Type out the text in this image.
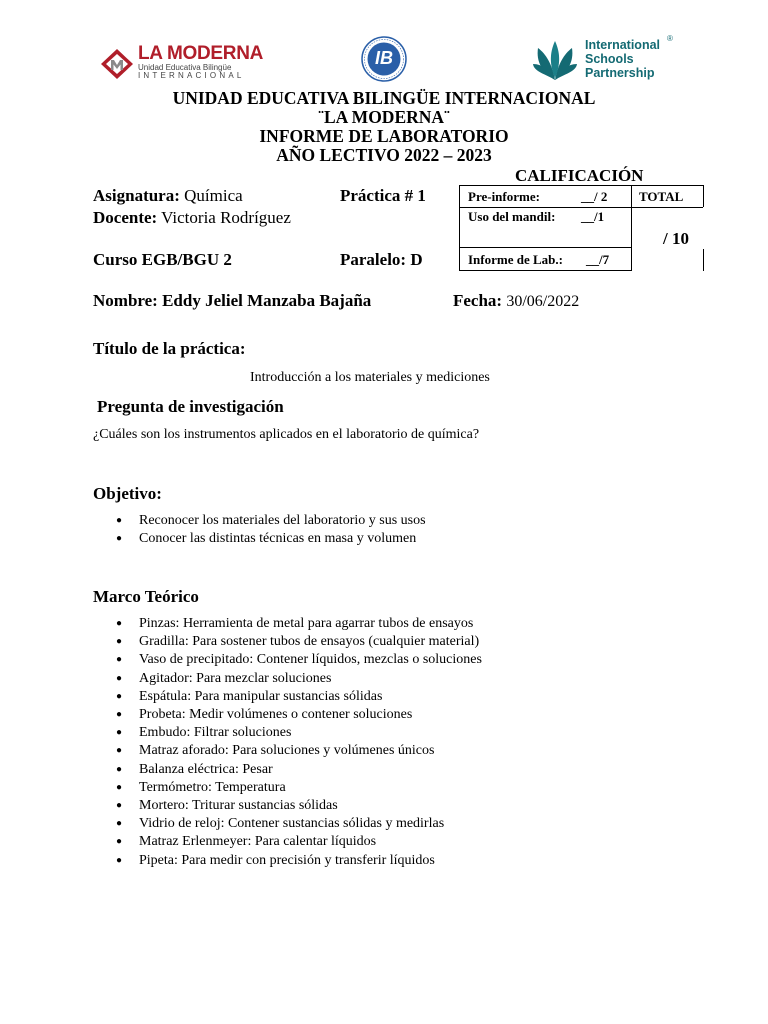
LA MODERNA
Unidad Educativa Bilingüe
INTERNACIONAL
IB
International
Schools
Partnership
®
UNIDAD EDUCATIVA BILINGÜE INTERNACIONAL
¨LA MODERNA¨
INFORME DE LABORATORIO
AÑO LECTIVO 2022 – 2023
CALIFICACIÓN
Asignatura: Química	Práctica # 1
Docente: Victoria Rodríguez
Curso EGB/BGU 2	Paralelo: D
Nombre: Eddy Jeliel Manzaba Bajaña	Fecha: 30/06/2022
Pre-informe:	__/ 2 TOTAL
Uso del mandil: __/1
/ 10
Informe de Lab.: __/7
Título de la práctica:
Introducción a los materiales y mediciones
Pregunta de investigación
¿Cuáles son los instrumentos aplicados en el laboratorio de química?
Objetivo:
● Reconocer los materiales del laboratorio y sus usos
● Conocer las distintas técnicas en masa y volumen
Marco Teórico
● Pinzas: Herramienta de metal para agarrar tubos de ensayos
● Gradilla: Para sostener tubos de ensayos (cualquier material)
● Vaso de precipitado: Contener líquidos, mezclas o soluciones
● Agitador: Para mezclar soluciones
● Espátula: Para manipular sustancias sólidas
● Probeta: Medir volúmenes o contener soluciones
● Embudo: Filtrar soluciones
● Matraz aforado: Para soluciones y volúmenes únicos
● Balanza eléctrica: Pesar
● Termómetro: Temperatura
● Mortero: Triturar sustancias sólidas
● Vidrio de reloj: Contener sustancias sólidas y medirlas
● Matraz Erlenmeyer: Para calentar líquidos
● Pipeta: Para medir con precisión y transferir líquidos
